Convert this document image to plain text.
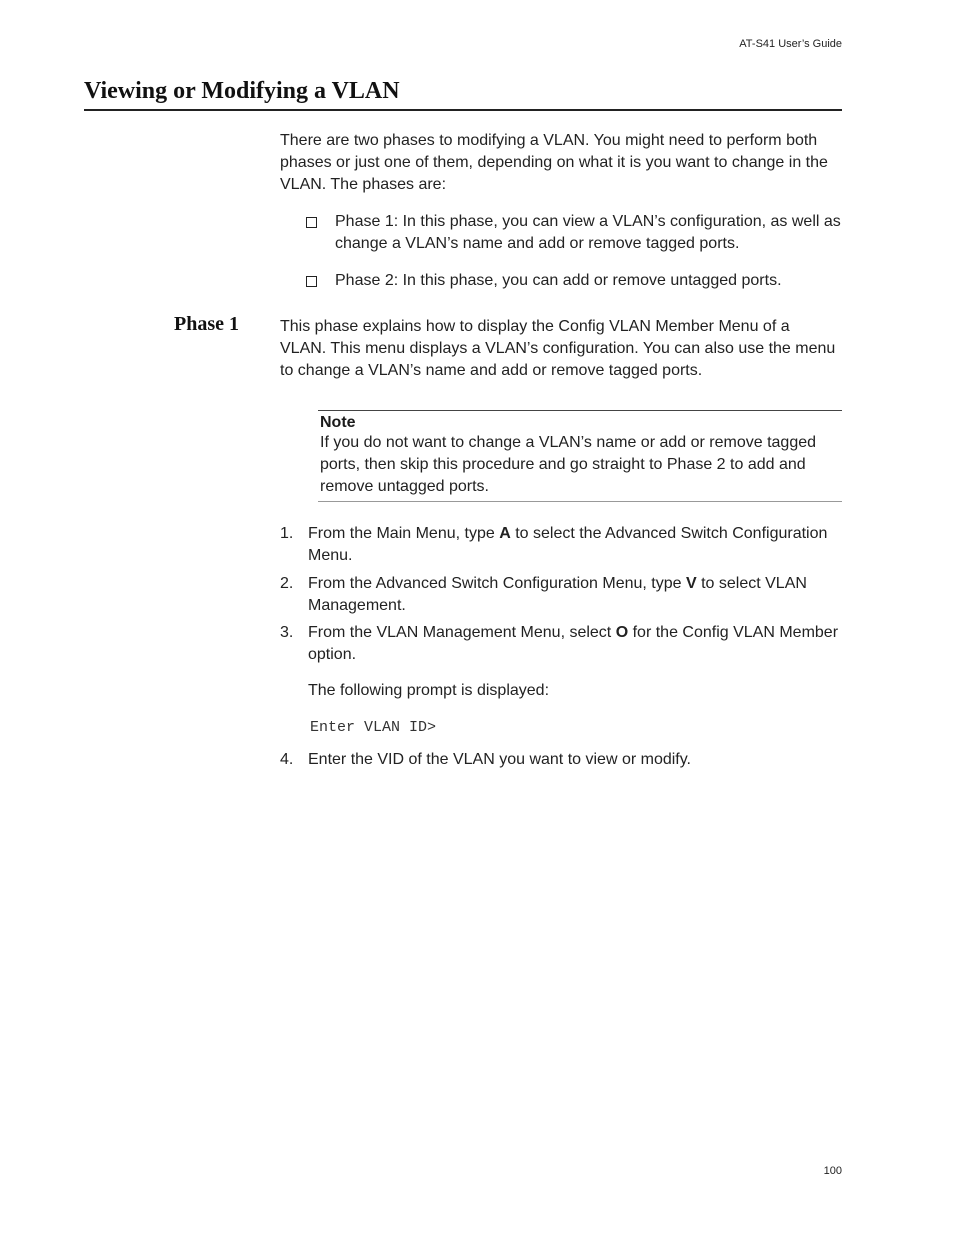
AT-S41 User’s Guide
Viewing or Modifying a VLAN

There are two phases to modifying a VLAN. You might need to perform both phases or just one of them, depending on what it is you want to change in the VLAN. The phases are:

Phase 1: In this phase, you can view a VLAN’s configuration, as well as change a VLAN’s name and add or remove tagged ports.
Phase 2: In this phase, you can add or remove untagged ports.
Phase 1	This phase explains how to display the Config VLAN Member Menu of a VLAN. This menu displays a VLAN’s configuration. You can also use the menu to change a VLAN’s name and add or remove tagged ports.

Note

If you do not want to change a VLAN’s name or add or remove tagged ports, then skip this procedure and go straight to Phase 2 to add and remove untagged ports.

1. From the Main Menu, type A to select the Advanced Switch Configuration Menu.
2. From the Advanced Switch Configuration Menu, type V to select VLAN Management.
3. From the VLAN Management Menu, select O for the Config VLAN Member option.

The following prompt is displayed:

Enter VLAN ID>
4. Enter the VID of the VLAN you want to view or modify.
100
